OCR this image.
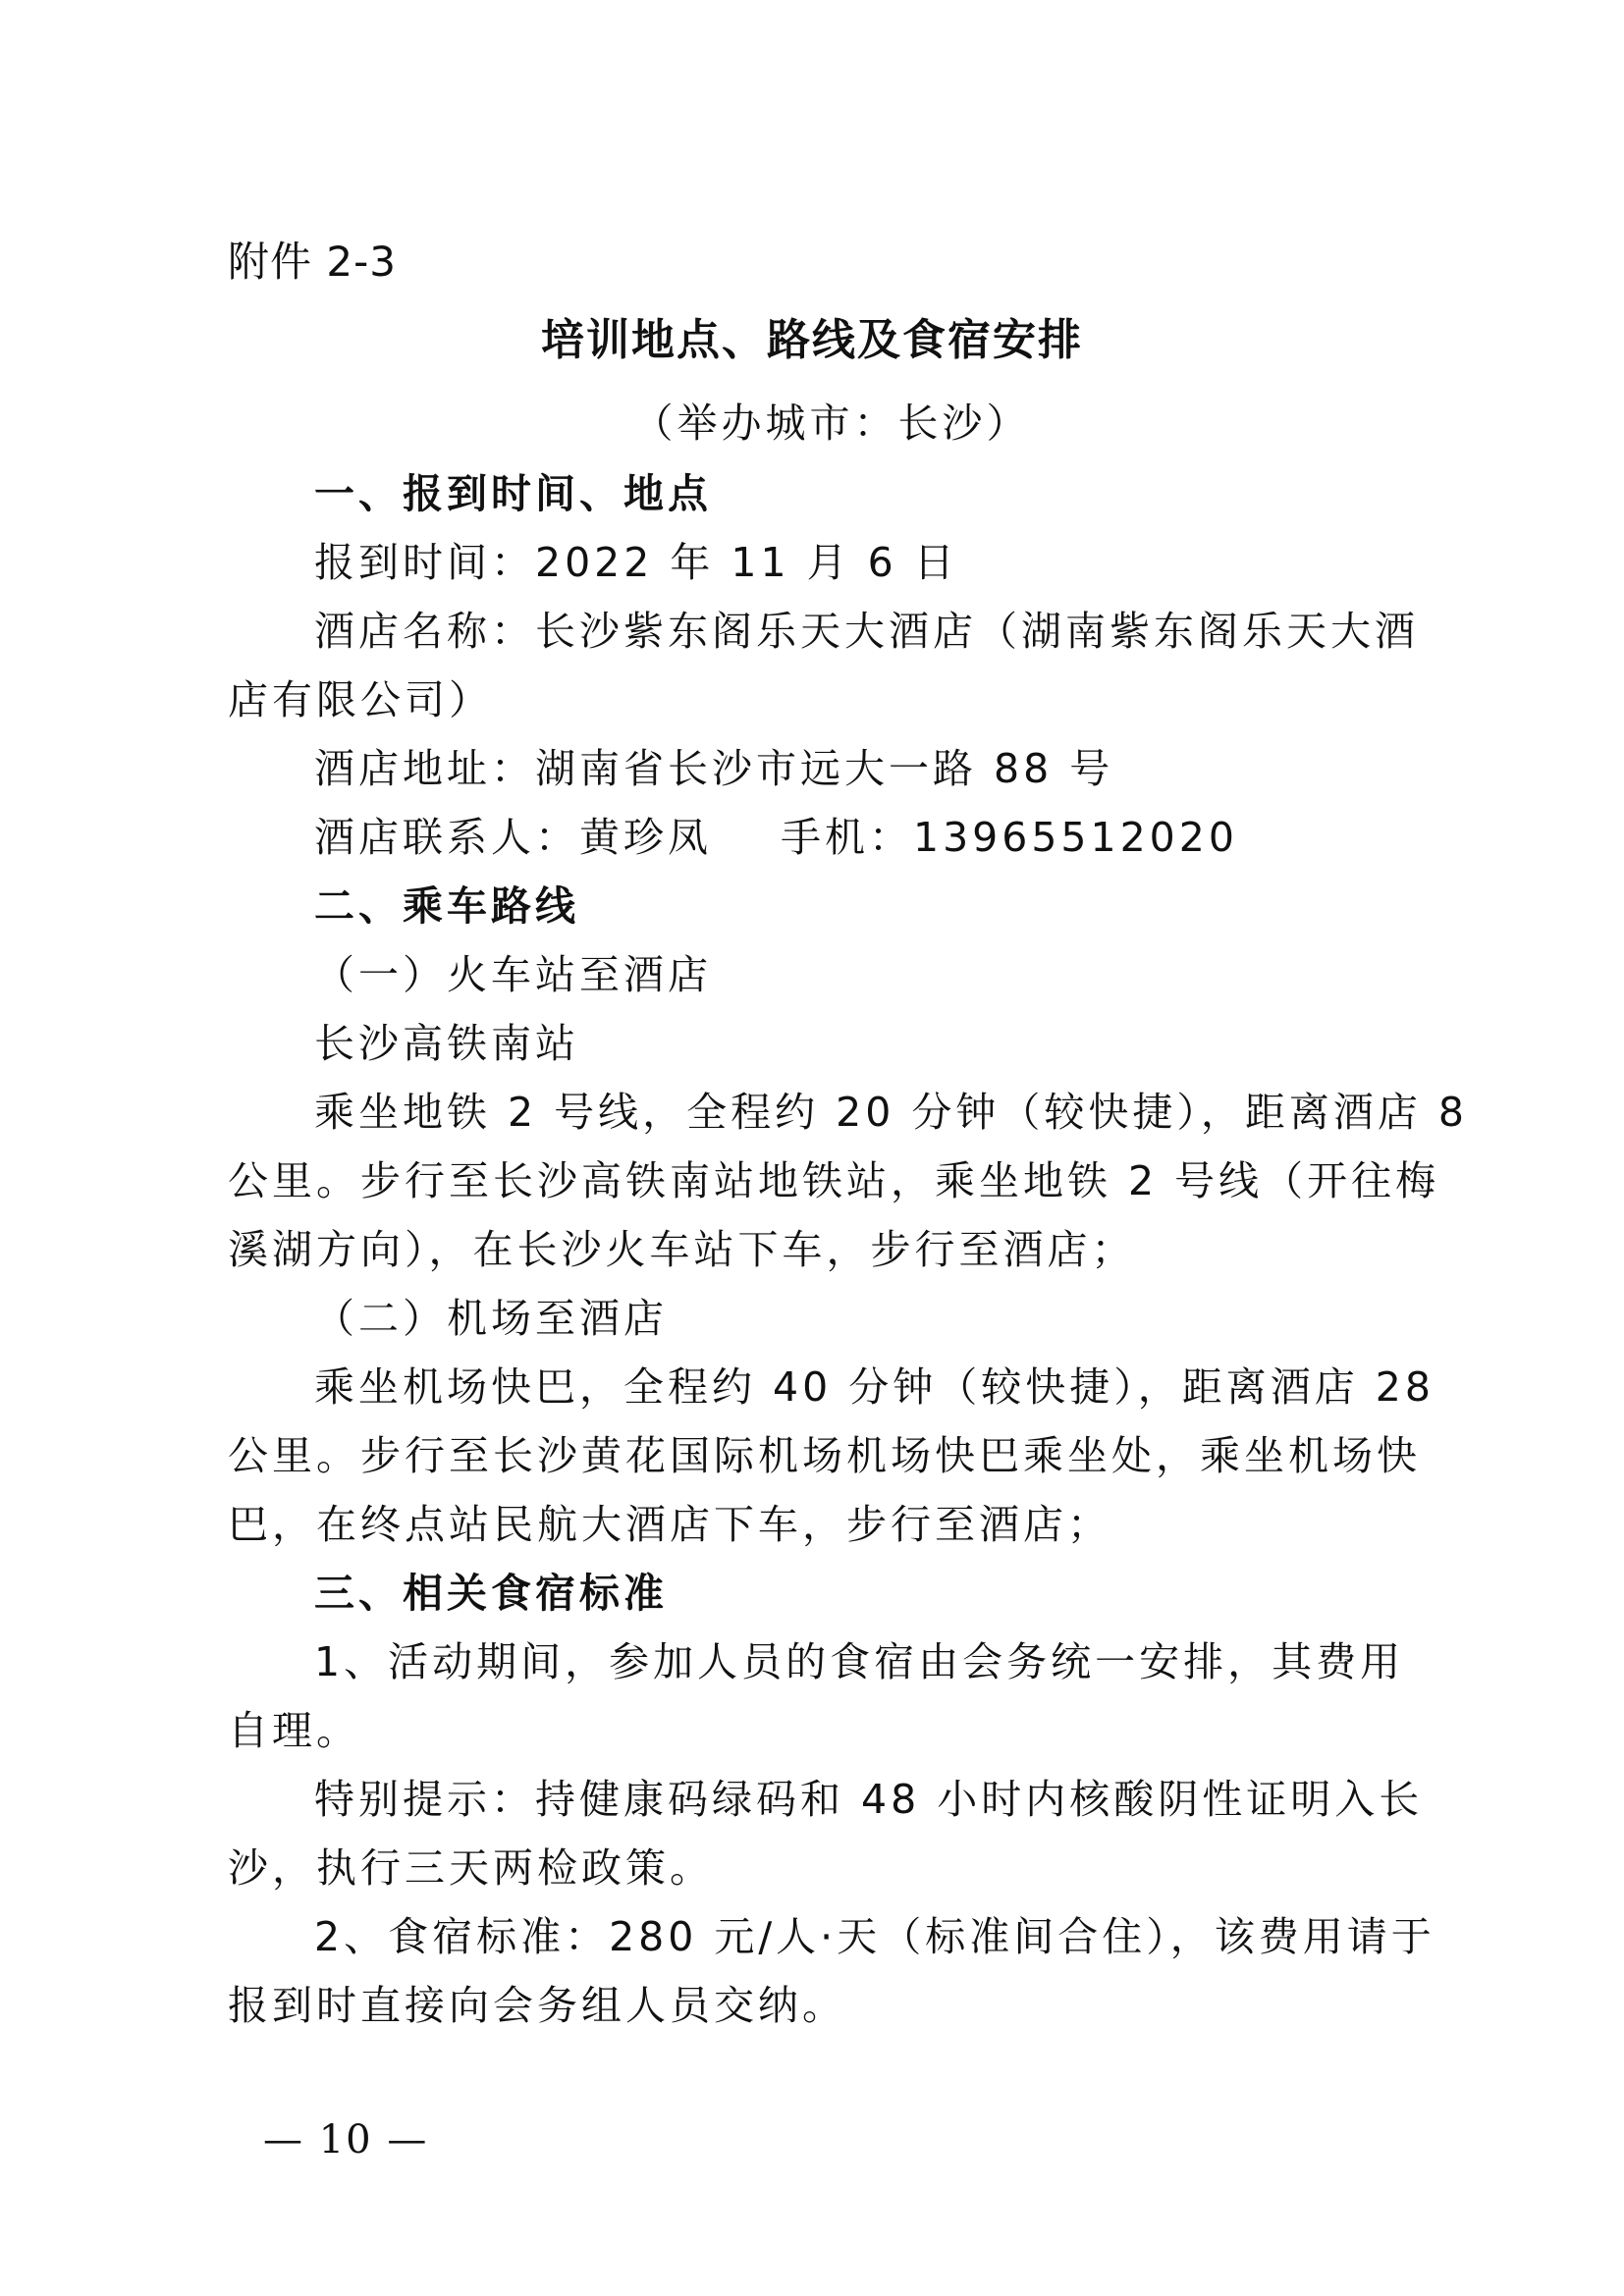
附件 2-3
培训地点、路线及食宿安排
（举办城市：长沙）
一、报到时间、地点
报到时间：2022 年 11 月 6 日
酒店名称：长沙紫东阁乐天大酒店（湖南紫东阁乐天大酒
店有限公司）
酒店地址：湖南省长沙市远大一路 88 号
酒店联系人：黄珍凤 手机：13965512020
二、乘车路线
（一）火车站至酒店
长沙高铁南站
乘坐地铁 2 号线，全程约 20 分钟（较快捷），距离酒店 8
公里。步行至长沙高铁南站地铁站，乘坐地铁 2 号线（开往梅
溪湖方向），在长沙火车站下车，步行至酒店；
（二）机场至酒店
乘坐机场快巴，全程约 40 分钟（较快捷），距离酒店 28
公里。步行至长沙黄花国际机场机场快巴乘坐处，乘坐机场快
巴，在终点站民航大酒店下车，步行至酒店；
三、相关食宿标准
1、活动期间，参加人员的食宿由会务统一安排，其费用
自理。
特别提示：持健康码绿码和 48 小时内核酸阴性证明入长
沙，执行三天两检政策。
2、食宿标准：280 元/人·天（标准间合住），该费用请于
报到时直接向会务组人员交纳。
— 10 —
